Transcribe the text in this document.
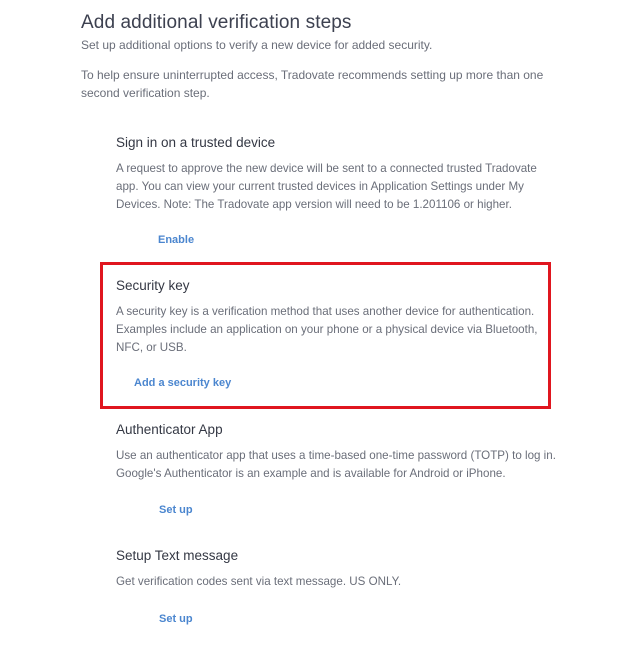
Add additional verification steps

Set up additional options to verify a new device for added security.

To help ensure uninterrupted access, Tradovate recommends setting up more than one second verification step.

Sign in on a trusted device

A request to approve the new device will be sent to a connected trusted Tradovate app. You can view your current trusted devices in Application Settings under My Devices. Note: The Tradovate app version will need to be 1.201106 or higher.

Enable
Security key

A security key is a verification method that uses another device for authentication. Examples include an application on your phone or a physical device via Bluetooth, NFC, or USB.

Add a security key
Authenticator App

Use an authenticator app that uses a time-based one-time password (TOTP) to log in. Google's Authenticator is an example and is available for Android or iPhone.

Set up
Setup Text message

Get verification codes sent via text message. US ONLY.

Set up
